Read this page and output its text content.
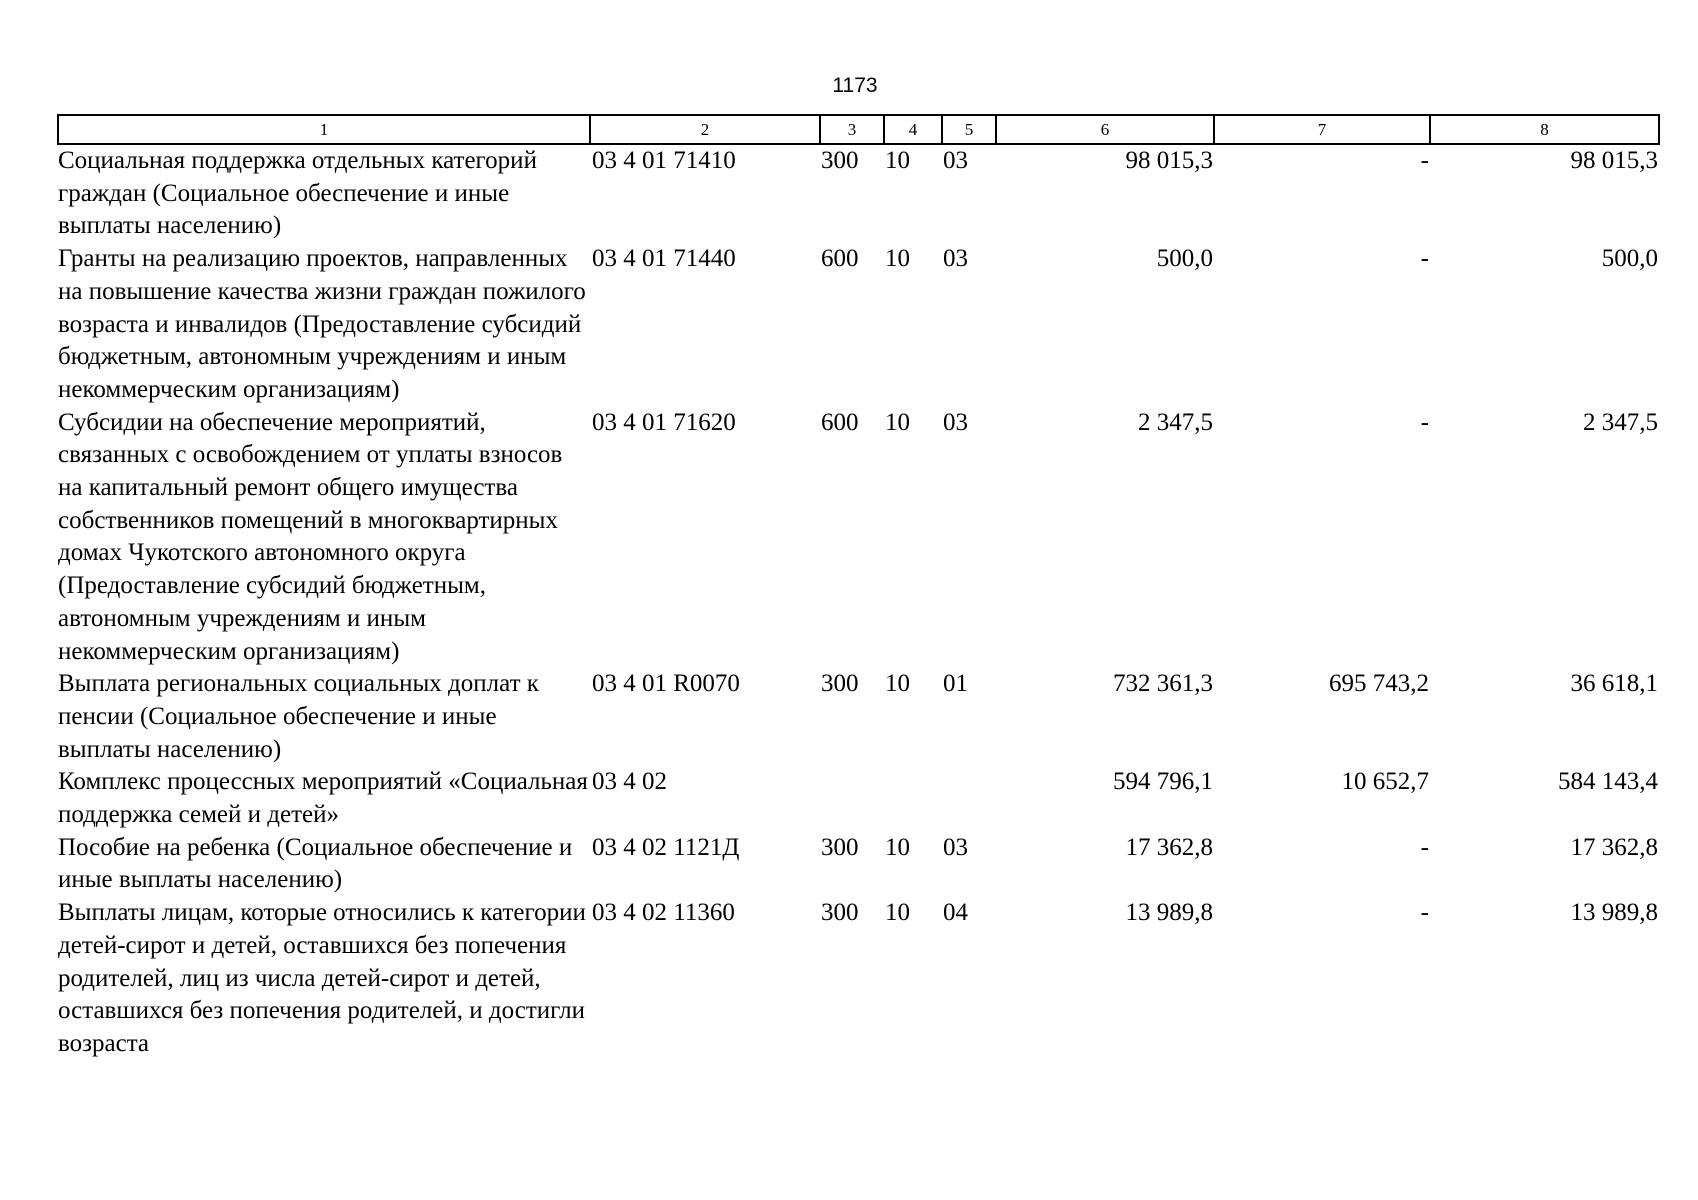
1173
1	2	3	4	5	6	7	8
Социальная поддержка отдельных категорий граждан (Социальное обеспечение и иные выплаты населению)	03 4 01 71410	300	10	03	98 015,3	-	98 015,3
Гранты на реализацию проектов, направленных на повышение качества жизни граждан пожилого возраста и инвалидов (Предоставление субсидий бюджетным, автономным учреждениям и иным некоммерческим организациям)	03 4 01 71440	600	10	03	500,0	-	500,0
Субсидии на обеспечение мероприятий, связанных с освобождением от уплаты взносов на капитальный ремонт общего имущества собственников помещений в многоквартирных домах Чукотского автономного округа (Предоставление субсидий бюджетным, автономным учреждениям и иным некоммерческим организациям)	03 4 01 71620	600	10	03	2 347,5	-	2 347,5
Выплата региональных социальных доплат к пенсии (Социальное обеспечение и иные выплаты населению)	03 4 01 R0070	300	10	01	732 361,3	695 743,2	36 618,1
Комплекс процессных мероприятий «Социальная поддержка семей и детей»	03 4 02				594 796,1	10 652,7	584 143,4
Пособие на ребенка (Социальное обеспечение и иные выплаты населению)	03 4 02 1121Д	300	10	03	17 362,8	-	17 362,8
Выплаты лицам, которые относились к категории детей-сирот и детей, оставшихся без попечения родителей, лиц из числа детей-сирот и детей, оставшихся без попечения родителей, и достигли возраста	03 4 02 11360	300	10	04	13 989,8	-	13 989,8
